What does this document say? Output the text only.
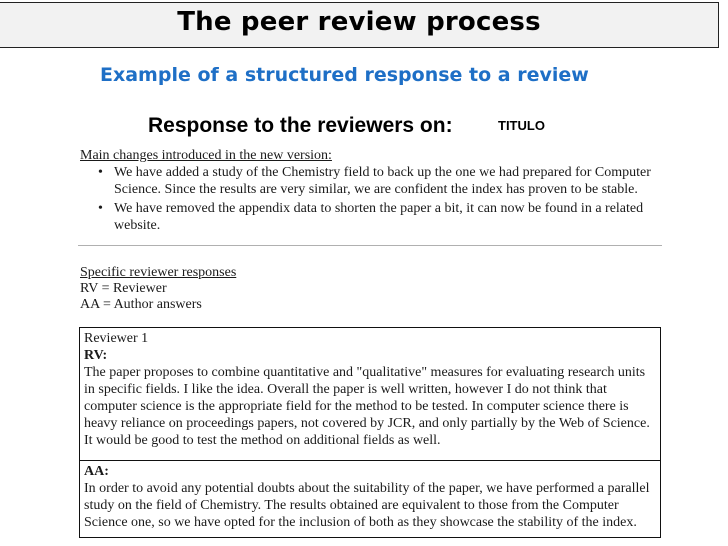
The peer review process
Example of a structured response to a review
Response to the reviewers on:	TITULO
Main changes introduced in the new version:
• We have added a study of the Chemistry field to back up the one we had prepared for Computer Science. Since the results are very similar, we are confident the index has proven to be stable.
• We have removed the appendix data to shorten the paper a bit, it can now be found in a related website.
Specific reviewer responses
RV = Reviewer
AA = Author answers
Reviewer 1
RV:
The paper proposes to combine quantitative and "qualitative" measures for evaluating research units in specific fields. I like the idea. Overall the paper is well written, however I do not think that computer science is the appropriate field for the method to be tested. In computer science there is heavy reliance on proceedings papers, not covered by JCR, and only partially by the Web of Science. It would be good to test the method on additional fields as well.
AA:
In order to avoid any potential doubts about the suitability of the paper, we have performed a parallel study on the field of Chemistry. The results obtained are equivalent to those from the Computer Science one, so we have opted for the inclusion of both as they showcase the stability of the index.
